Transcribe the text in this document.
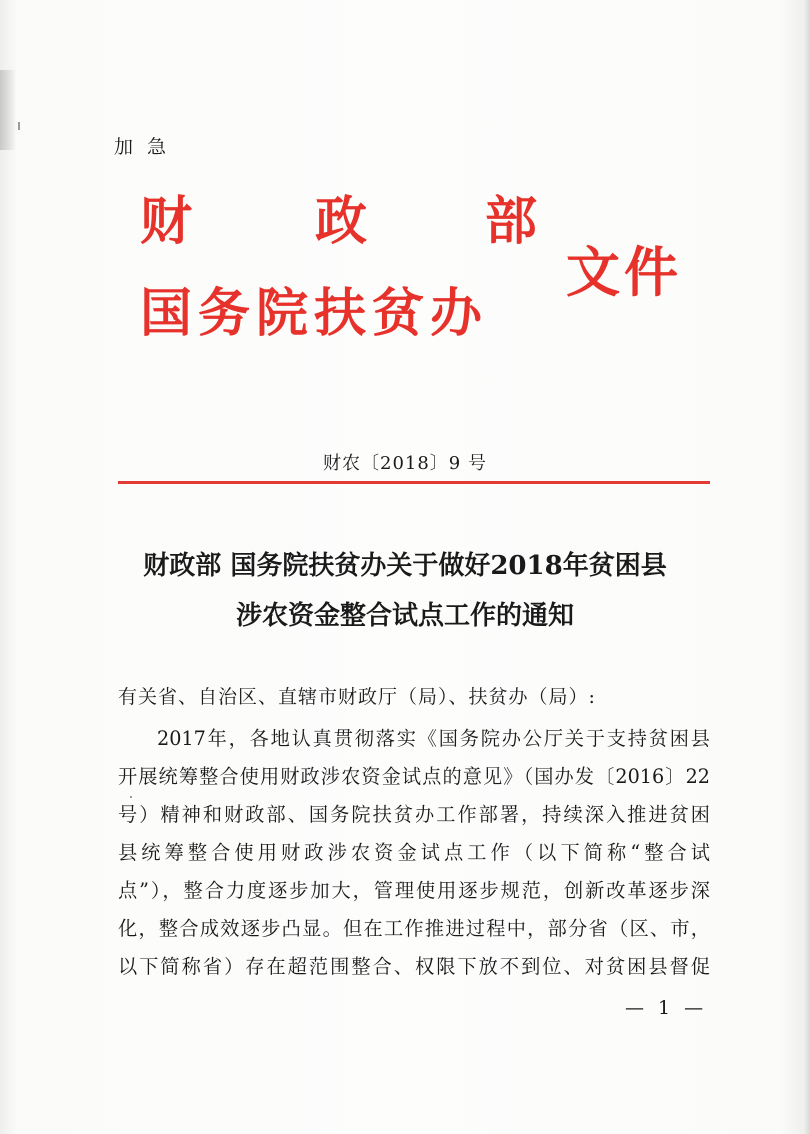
加急
财 政 部
国务院扶贫办
文件
财农〔2018〕9 号
财政部 国务院扶贫办关于做好2018年贫困县
涉农资金整合试点工作的通知
有关省、自治区、直辖市财政厅（局）、扶贫办（局）:
2017年，各地认真贯彻落实《国务院办公厅关于支持贫困县
开展统筹整合使用财政涉农资金试点的意见》（国办发〔2016〕22
号）精神和财政部、国务院扶贫办工作部署，持续深入推进贫困
县统筹整合使用财政涉农资金试点工作（以下简称“整合试
点”），整合力度逐步加大，管理使用逐步规范，创新改革逐步深
化，整合成效逐步凸显。但在工作推进过程中，部分省（区、市，
以下简称省）存在超范围整合、权限下放不到位、对贫困县督促
— 1 —
